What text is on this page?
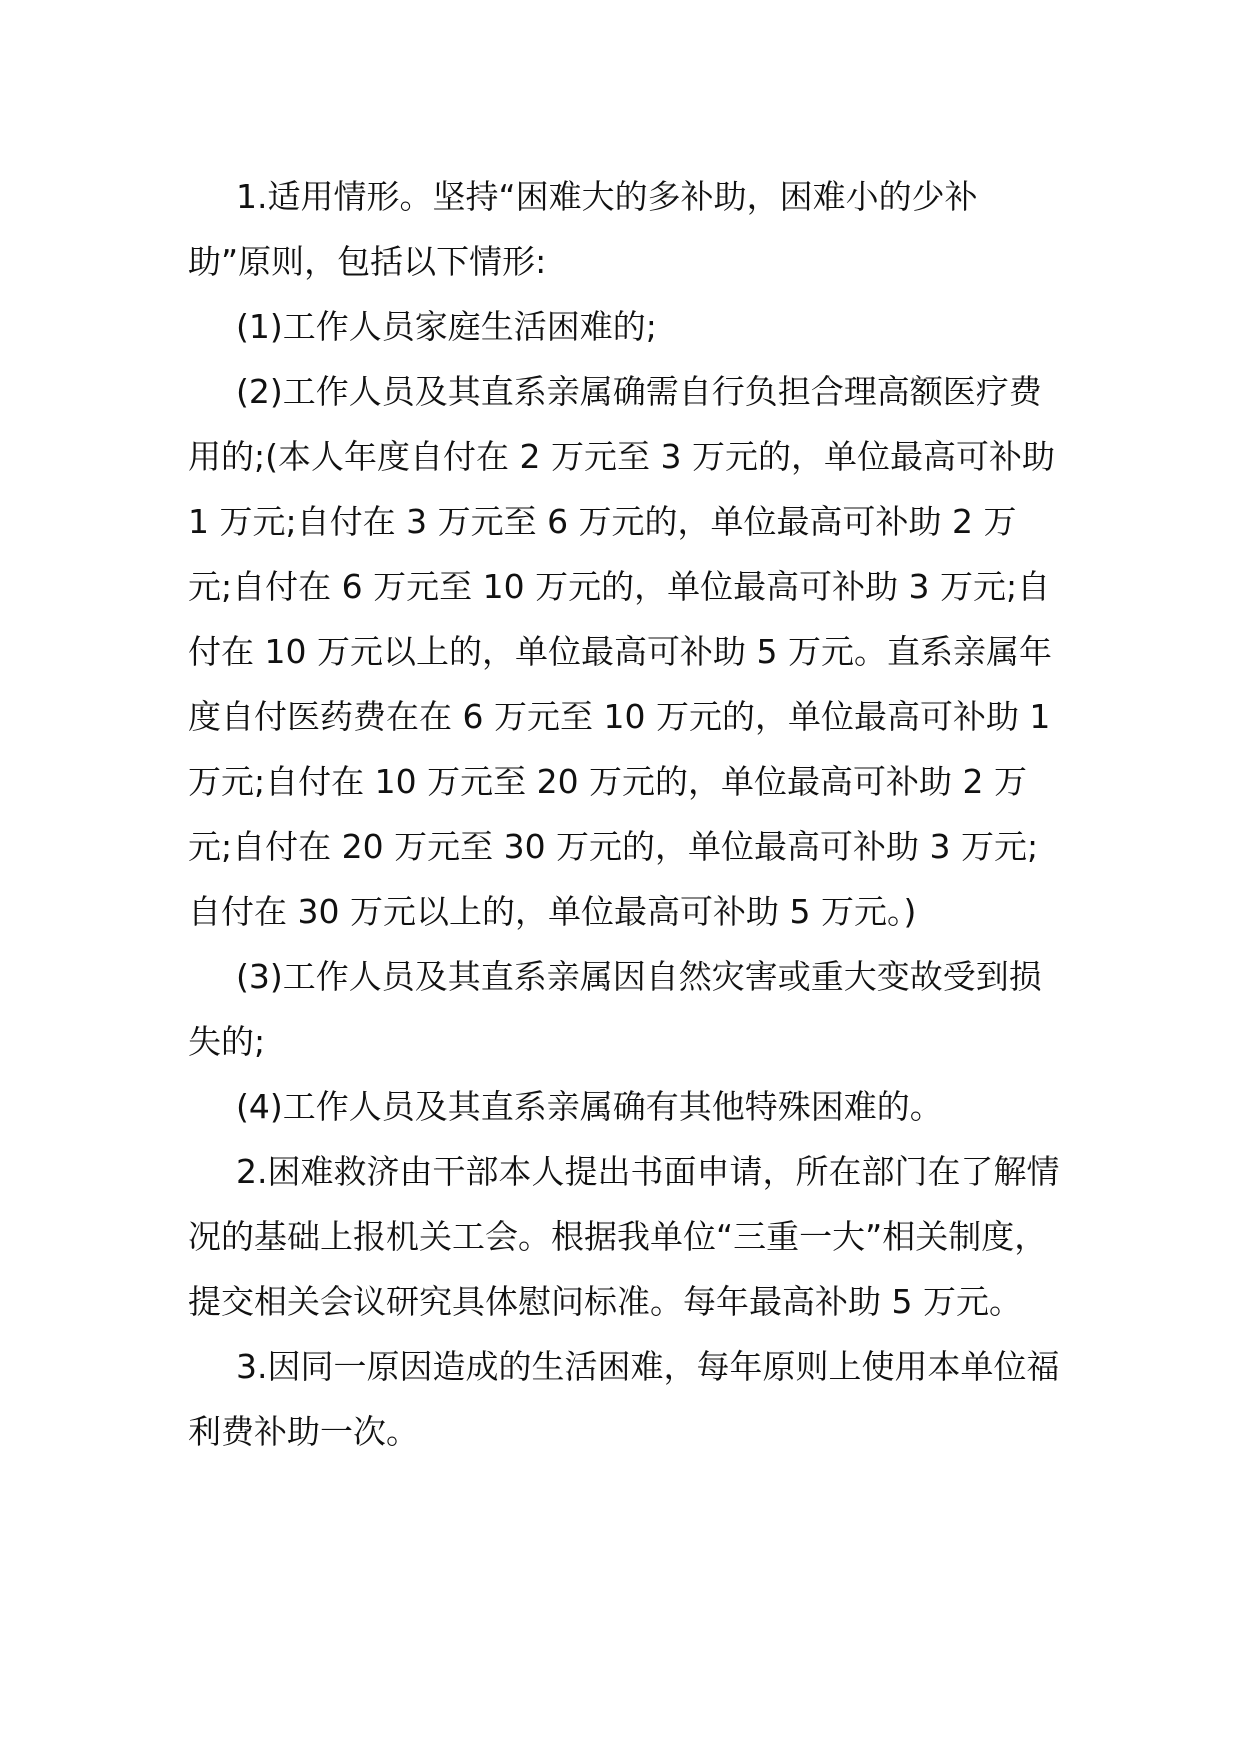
1.适用情形。坚持“困难大的多补助，困难小的少补助”原则，包括以下情形:

(1)工作人员家庭生活困难的;

(2)工作人员及其直系亲属确需自行负担合理高额医疗费用的;(本人年度自付在 2 万元至 3 万元的，单位最高可补助 1 万元;自付在 3 万元至 6 万元的，单位最高可补助 2 万元;自付在 6 万元至 10 万元的，单位最高可补助 3 万元;自付在 10 万元以上的，单位最高可补助 5 万元。直系亲属年度自付医药费在在 6 万元至 10 万元的，单位最高可补助 1 万元;自付在 10 万元至 20 万元的，单位最高可补助 2 万元;自付在 20 万元至 30 万元的，单位最高可补助 3 万元;自付在 30 万元以上的，单位最高可补助 5 万元。)

(3)工作人员及其直系亲属因自然灾害或重大变故受到损失的;

(4)工作人员及其直系亲属确有其他特殊困难的。

2.困难救济由干部本人提出书面申请，所在部门在了解情况的基础上报机关工会。根据我单位“三重一大”相关制度，提交相关会议研究具体慰问标准。每年最高补助 5 万元。

3.因同一原因造成的生活困难，每年原则上使用本单位福利费补助一次。
